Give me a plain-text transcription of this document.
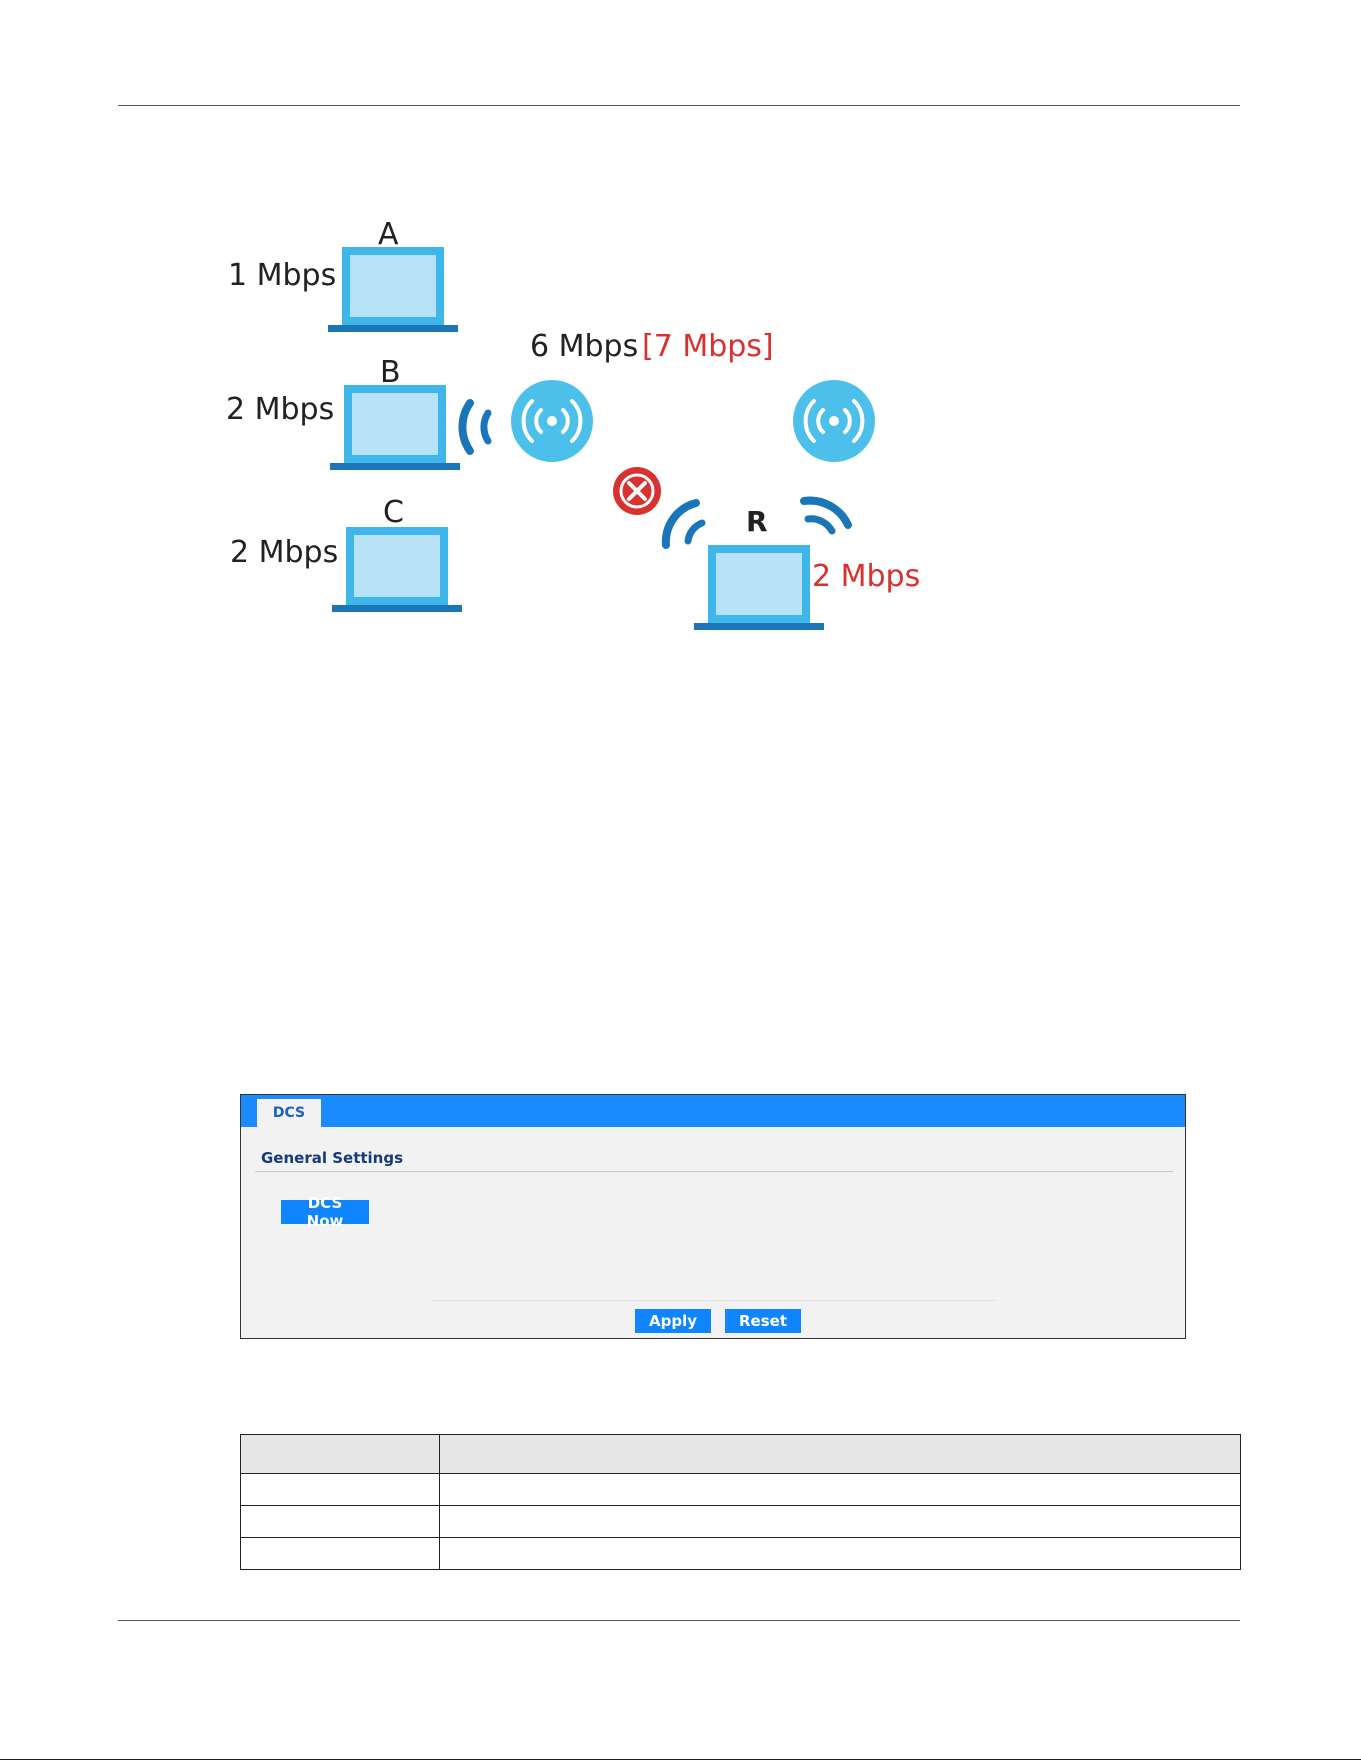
A
1 Mbps
B
2 Mbps
C
2 Mbps
6 Mbps [7 Mbps]
R
2 Mbps
DCS
General Settings
DCS Now
Apply	Reset
